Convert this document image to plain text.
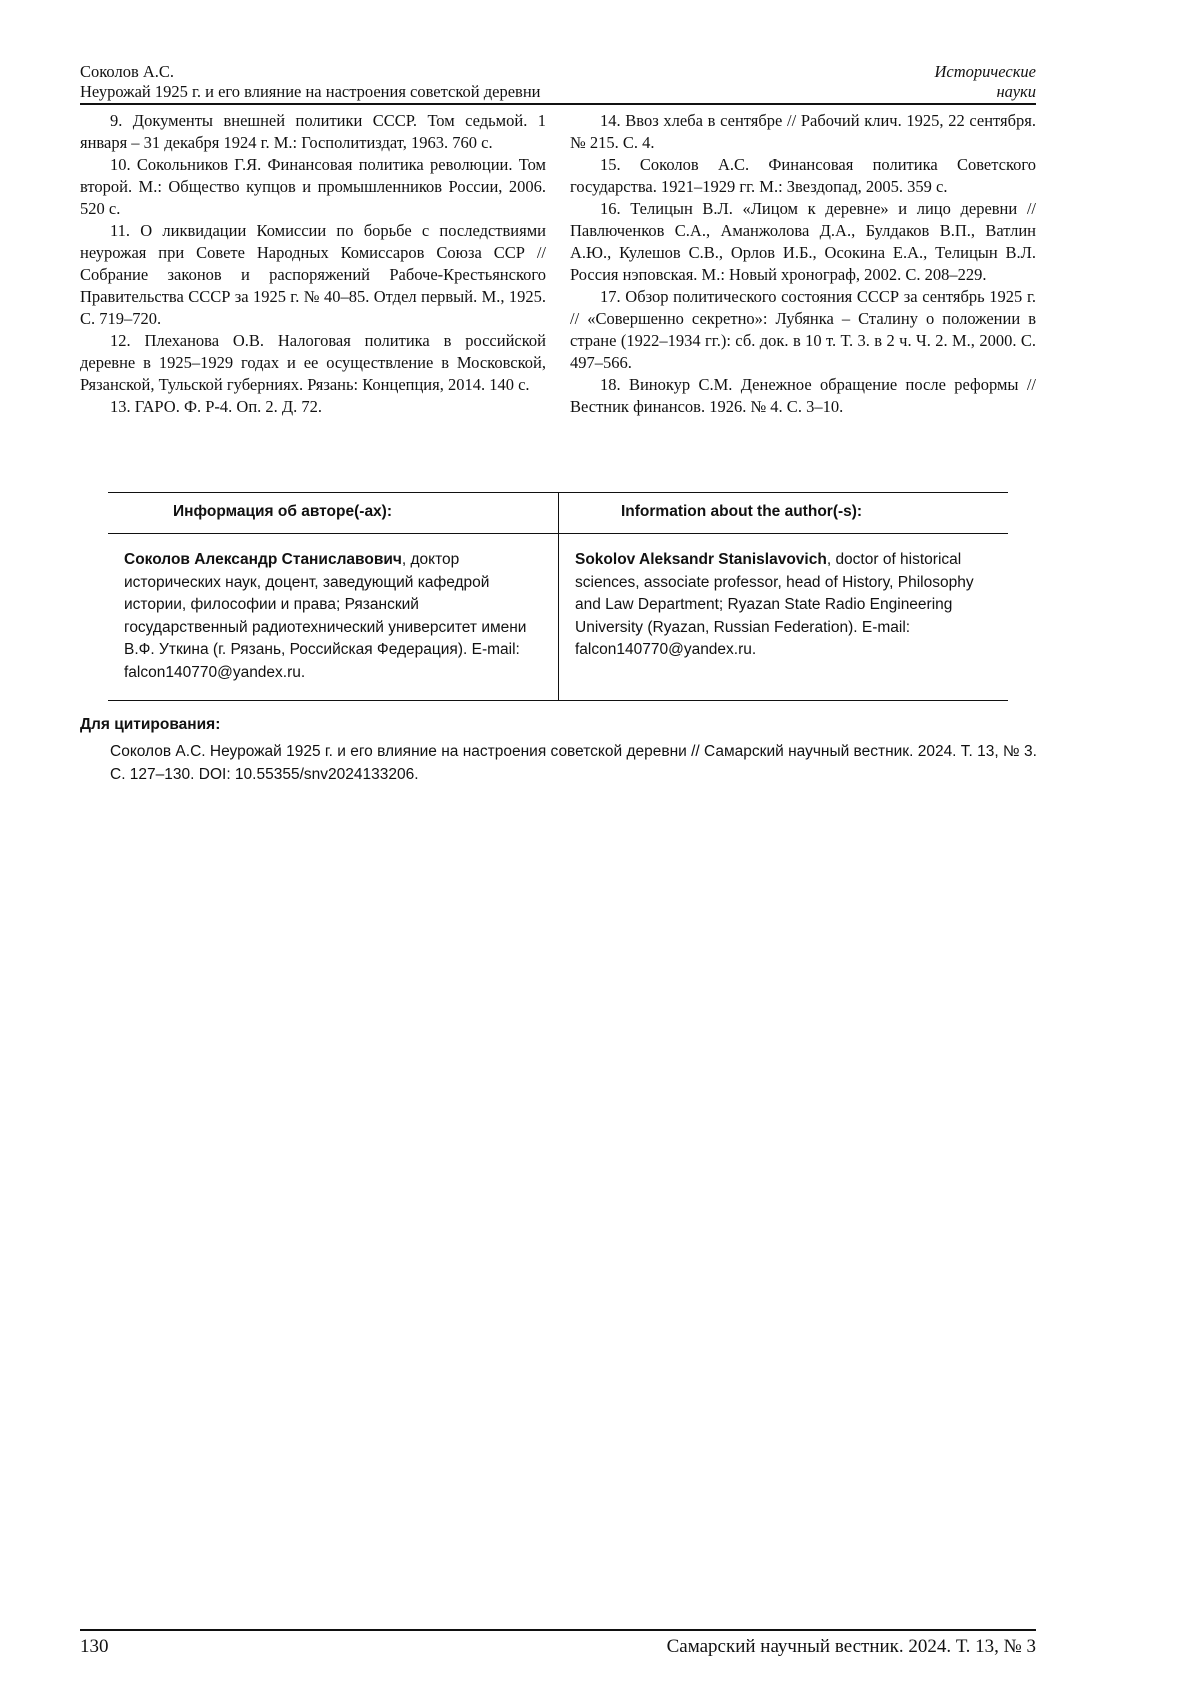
Соколов А.С.
Неурожай 1925 г. и его влияние на настроения советской деревни
Исторические
науки

9. Документы внешней политики СССР. Том седьмой. 1 января – 31 декабря 1924 г. М.: Госполитиздат, 1963. 760 с.

10. Сокольников Г.Я. Финансовая политика революции. Том второй. М.: Общество купцов и промышленников России, 2006. 520 с.

11. О ликвидации Комиссии по борьбе с последствиями неурожая при Совете Народных Комиссаров Союза ССР // Собрание законов и распоряжений Рабоче-Крестьянского Правительства СССР за 1925 г. № 40–85. Отдел первый. М., 1925. С. 719–720.

12. Плеханова О.В. Налоговая политика в российской деревне в 1925–1929 годах и ее осуществление в Московской, Рязанской, Тульской губерниях. Рязань: Концепция, 2014. 140 с.

13. ГАРО. Ф. Р-4. Оп. 2. Д. 72.

14. Ввоз хлеба в сентябре // Рабочий клич. 1925, 22 сентября. № 215. С. 4.

15. Соколов А.С. Финансовая политика Советского государства. 1921–1929 гг. М.: Звездопад, 2005. 359 с.

16. Телицын В.Л. «Лицом к деревне» и лицо деревни // Павлюченков С.А., Аманжолова Д.А., Булдаков В.П., Ватлин А.Ю., Кулешов С.В., Орлов И.Б., Осокина Е.А., Телицын В.Л. Россия нэповская. М.: Новый хронограф, 2002. С. 208–229.

17. Обзор политического состояния СССР за сентябрь 1925 г. // «Совершенно секретно»: Лубянка – Сталину о положении в стране (1922–1934 гг.): сб. док. в 10 т. Т. 3. в 2 ч. Ч. 2. М., 2000. С. 497–566.

18. Винокур С.М. Денежное обращение после реформы // Вестник финансов. 1926. № 4. С. 3–10.

Информация об авторе(-ах):	Information about the author(-s):
Соколов Александр Станиславович, доктор исторических наук, доцент, заведующий кафедрой истории, философии и права; Рязанский государственный радиотехнический университет имени В.Ф. Уткина (г. Рязань, Российская Федерация). E-mail: falcon140770@yandex.ru.
Sokolov Aleksandr Stanislavovich, doctor of historical sciences, associate professor, head of History, Philosophy and Law Department; Ryazan State Radio Engineering University (Ryazan, Russian Federation). E-mail: falcon140770@yandex.ru.
Для цитирования:
Соколов А.С. Неурожай 1925 г. и его влияние на настроения советской деревни // Самарский научный вестник. 2024. Т. 13, № 3. С. 127–130. DOI: 10.55355/snv2024133206.
130	Самарский научный вестник. 2024. Т. 13, № 3
